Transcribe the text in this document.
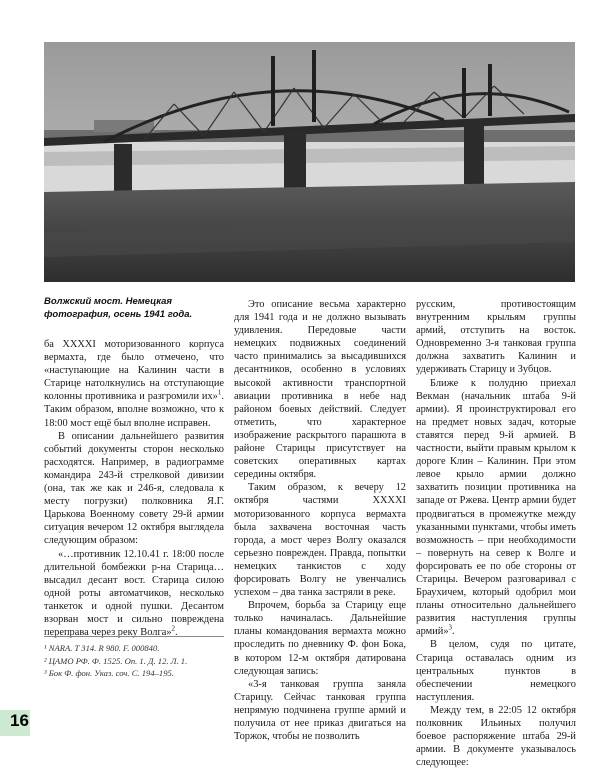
Волжский мост. Немецкая фотография, осень 1941 года.

ба XXXXI моторизованного корпуса вермахта, где было отмечено, что «наступающие на Калинин части в Старице натолкнулись на отступающие колонны противника и разгромили их»$^1$. Таким образом, вполне возможно, что к 18:00 мост ещё был вполне исправен.

В описании дальнейшего развития событий документы сторон несколько расходятся. Например, в радиограмме командира 243-й стрелковой дивизии (она, так же как и 246-я, следовала к месту погрузки) полковника Я.Г. Царькова Военному совету 29-й армии ситуация вечером 12 октября выглядела следующим образом:

«…противник 12.10.41 г. 18:00 после длительной бомбежки р-на Старица… высадил десант вост. Старица силою одной роты автоматчиков, несколько танкеток и одной пушки. Десантом взорван мост и сильно повреждена переправа через реку Волга»$^2$.

Это описание весьма характерно для 1941 года и не должно вызывать удивления. Передовые части немецких подвижных соединений часто принимались за высадившихся десантников, особенно в условиях высокой активности транспортной авиации противника в небе над районом боевых действий. Следует отметить, что характерное изображение раскрытого парашюта в районе Старицы присутствует на советских оперативных картах середины октября.

Таким образом, к вечеру 12 октября частями XXXXI моторизованного корпуса вермахта была захвачена восточная часть города, а мост через Волгу оказался серьезно поврежден. Правда, попытки немецких танкистов с ходу форсировать Волгу не увенчались успехом – два танка застряли в реке.

Впрочем, борьба за Старицу еще только начиналась. Дальнейшие планы командования вермахта можно проследить по дневнику Ф. фон Бока, в котором 12-м октября датирована следующая запись:

«3-я танковая группа заняла Старицу. Сейчас танковая группа непрямую подчинена группе армий и получила от нее приказ двигаться на Торжок, чтобы не позволить

русским, противостоящим внутренним крыльям группы армий, отступить на восток. Одновременно 3-я танковая группа должна захватить Калинин и удерживать Старицу и Зубцов.

Ближе к полудню приехал Векман (начальник штаба 9-й армии). Я проинструктировал его на предмет новых задач, которые ставятся перед 9-й армией. В частности, выйти правым крылом к дороге Клин – Калинин. При этом левое крыло армии должно захватить позиции противника на западе от Ржева. Центр армии будет продвигаться в промежутке между указанными пунктами, чтобы иметь возможность – при необходимости – повернуть на север к Волге и форсировать ее по обе стороны от Старицы. Вечером разговаривал с Браухичем, который одобрил мои планы относительно дальнейшего развития наступления группы армий»$^3$.

В целом, судя по цитате, Старица оставалась одним из центральных пунктов в обеспечении немецкого наступления.

Между тем, в 22:05 12 октября полковник Ильиных получил боевое распоряжение штаба 29-й армии. В документе указывалось следующее:

¹ NARA. T 314. R 980. F. 000840.
² ЦАМО РФ. Ф. 1525. Оп. 1. Д. 12. Л. 1.
³ Бок Ф. фон. Указ. соч. С. 194–195.
16
